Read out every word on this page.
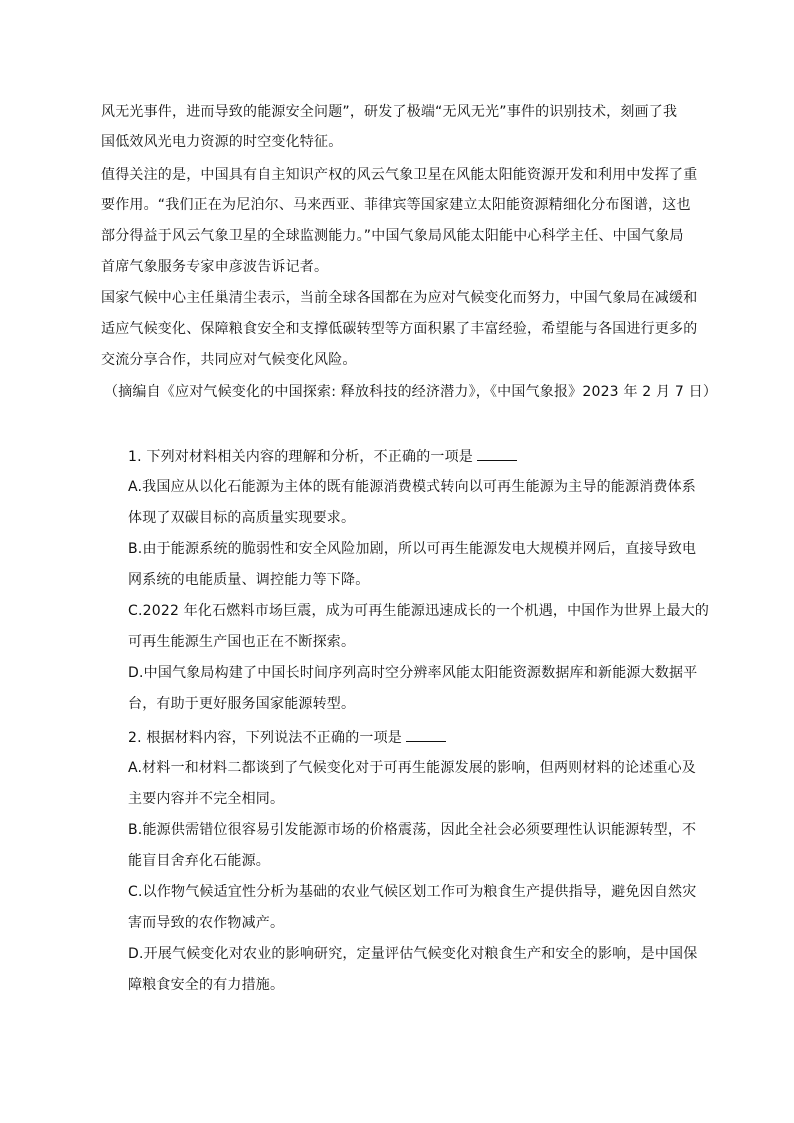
风无光事件，进而导致的能源安全问题”，研发了极端“无风无光”事件的识别技术，刻画了我
国低效风光电力资源的时空变化特征。
值得关注的是，中国具有自主知识产权的风云气象卫星在风能太阳能资源开发和利用中发挥了重
要作用。“我们正在为尼泊尔、马来西亚、菲律宾等国家建立太阳能资源精细化分布图谱，这也
部分得益于风云气象卫星的全球监测能力。”中国气象局风能太阳能中心科学主任、中国气象局
首席气象服务专家申彦波告诉记者。
国家气候中心主任巢清尘表示，当前全球各国都在为应对气候变化而努力，中国气象局在减缓和
适应气候变化、保障粮食安全和支撑低碳转型等方面积累了丰富经验，希望能与各国进行更多的
交流分享合作，共同应对气候变化风险。
（摘编自《应对气候变化的中国探索: 释放科技的经济潜力》，《中国气象报》2023 年 2 月 7 日）
1. 下列对材料相关内容的理解和分析，不正确的一项是
A.我国应从以化石能源为主体的既有能源消费模式转向以可再生能源为主导的能源消费体系
体现了双碳目标的高质量实现要求。
B.由于能源系统的脆弱性和安全风险加剧，所以可再生能源发电大规模并网后，直接导致电
网系统的电能质量、调控能力等下降。
C.2022 年化石燃料市场巨震，成为可再生能源迅速成长的一个机遇，中国作为世界上最大的
可再生能源生产国也正在不断探索。
D.中国气象局构建了中国长时间序列高时空分辨率风能太阳能资源数据库和新能源大数据平
台，有助于更好服务国家能源转型。
2. 根据材料内容，下列说法不正确的一项是
A.材料一和材料二都谈到了气候变化对于可再生能源发展的影响，但两则材料的论述重心及
主要内容并不完全相同。
B.能源供需错位很容易引发能源市场的价格震荡，因此全社会必须要理性认识能源转型，不
能盲目舍弃化石能源。
C.以作物气候适宜性分析为基础的农业气候区划工作可为粮食生产提供指导，避免因自然灾
害而导致的农作物减产。
D.开展气候变化对农业的影响研究，定量评估气候变化对粮食生产和安全的影响，是中国保
障粮食安全的有力措施。
